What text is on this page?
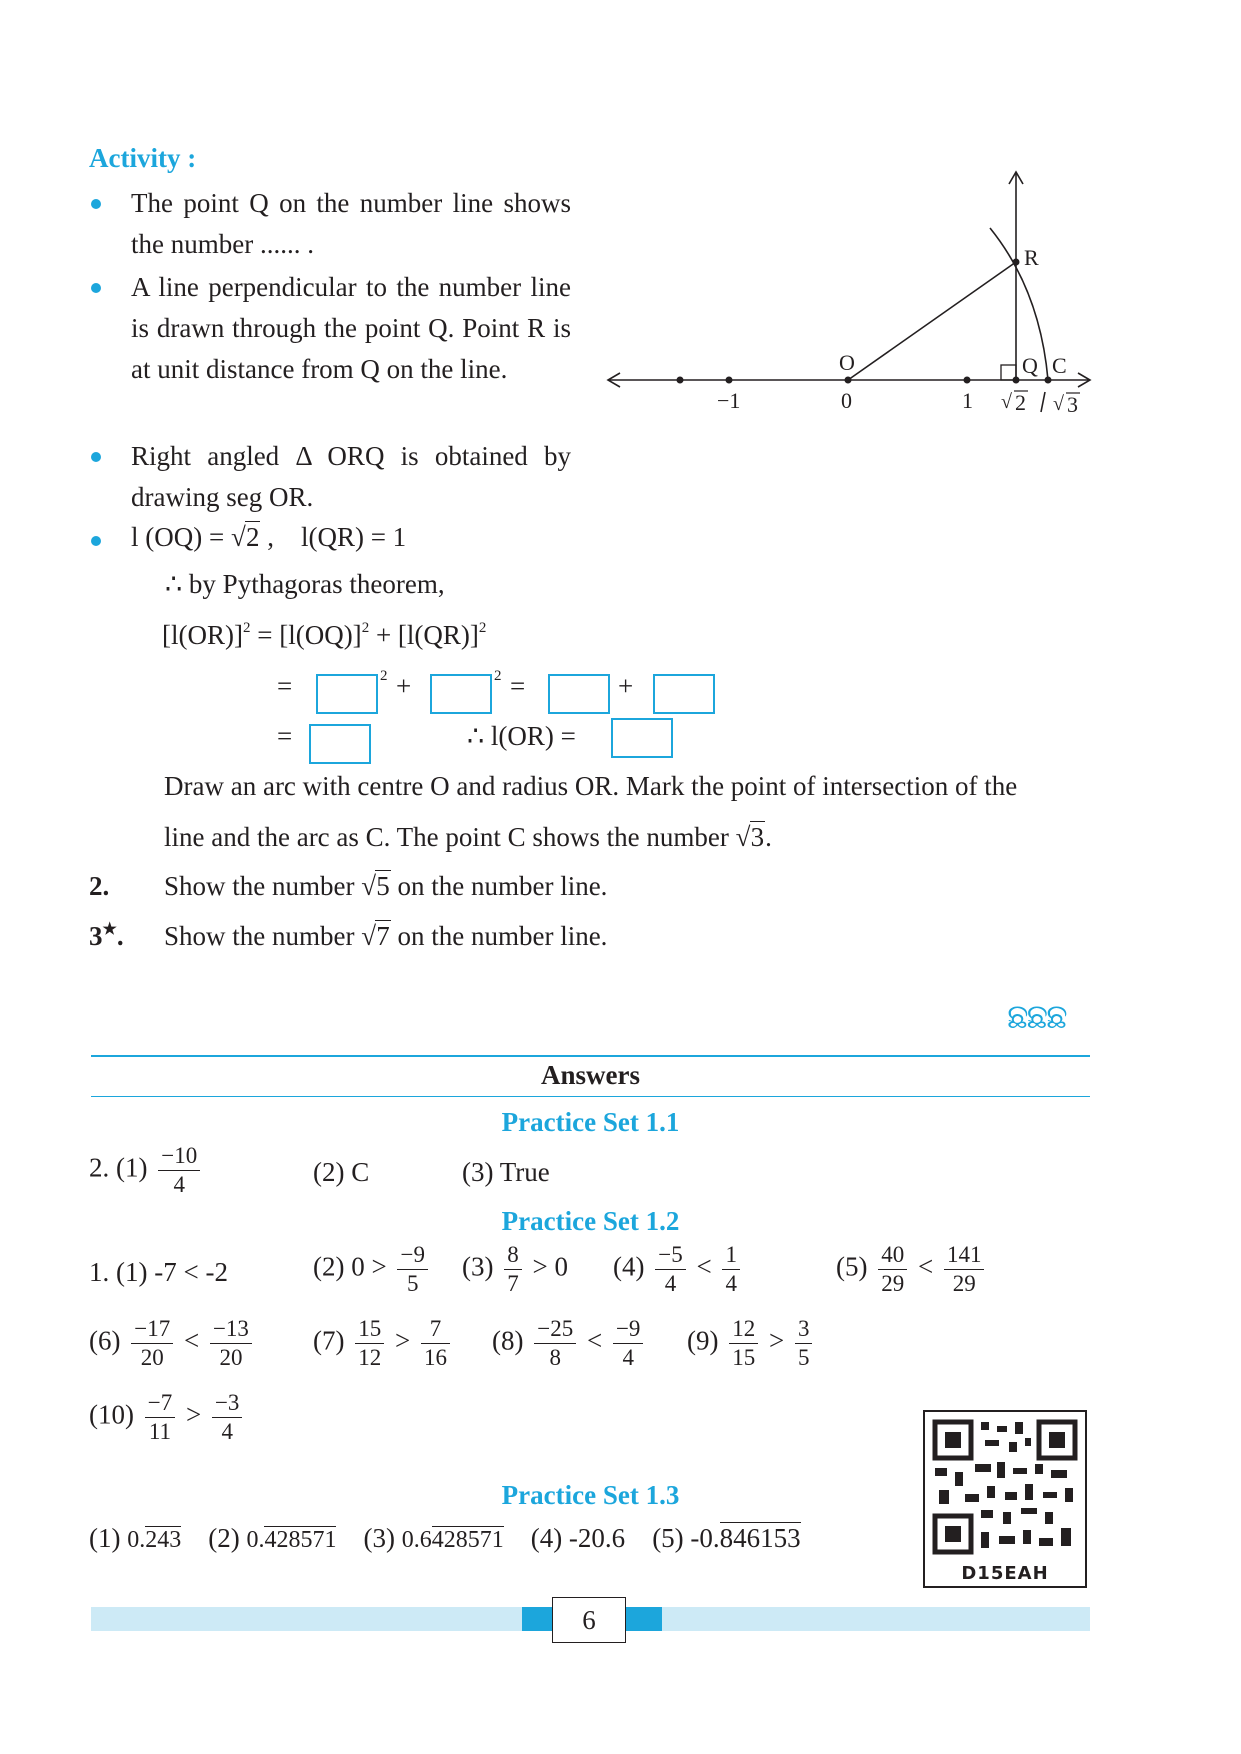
Activity :
The point Q on the number line shows the number ...... .
A line perpendicular to the number line is drawn through the point Q. Point R is at unit distance from Q on the line.
Right angled Δ ORQ is obtained by drawing seg OR.
l (OQ) = √ 2 ,    l(QR) = 1
∴ by Pythagoras theorem,
$[l(OR)]^2 = [l(OQ)]^2 + [l(QR)]^2$
=	2 +	2 =	+
=	∴ l(OR) =
Draw an arc with centre O and radius OR. Mark the point of intersection of the
line and the arc as C. The point C shows the number √ 3.
2. Show the number √ 5 on the number line.
3★. Show the number √ 7 on the number line.
O
R
Q C
−1	0	1 √ 2 √ 3
ଛଛଛ
Answers
Practice Set 1.1
2. $(1) \frac{-10}{4}$	(2) C	(3) True
Practice Set 1.2
1. (1) -7 < -2	(2) $0 > \frac{-9}{5} (3) \frac{8}{7} > 0$ $(4) \frac{-5}{4} < \frac{1}{4}$	$(5) \frac{40}{29} < \frac{141}{29}$
$(6) \frac{-17}{20} < \frac{-13}{20} (7) \frac{15}{12} > \frac{7}{16} (8) \frac{-25}{8} < \frac{-9}{4} (9) \frac{12}{15} > \frac{3}{5}$
$(10) \frac{-7}{11} > \frac{-3}{4}$
Practice Set 1.3
(1) 0.243 (2) 0.428571 (3) 0.6428571 (4) -20.6 (5) -0.846153
D15EAH
6
